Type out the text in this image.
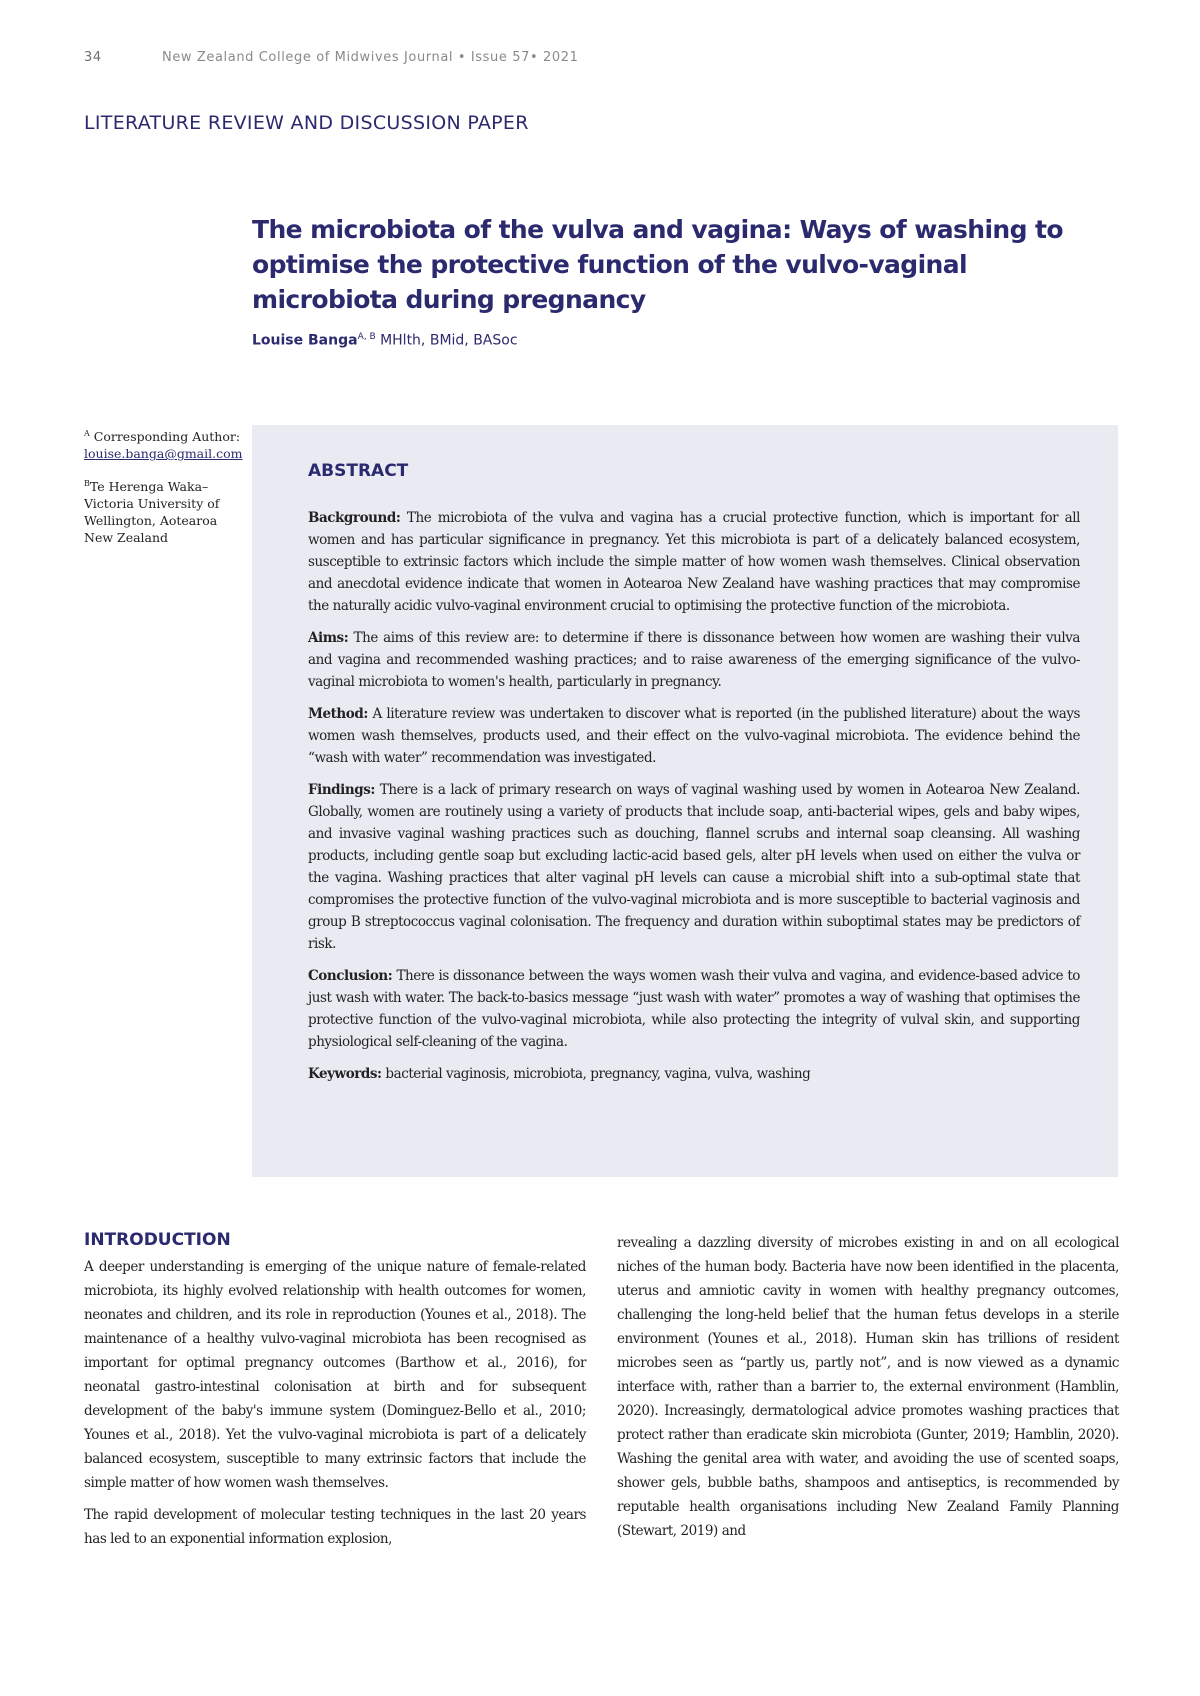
34	New Zealand College of Midwives Journal • Issue 57• 2021
LITERATURE REVIEW AND DISCUSSION PAPER
The microbiota of the vulva and vagina: Ways of washing to optimise the protective function of the vulvo-vaginal microbiota during pregnancy
Louise Banga$^{A, B}$ MHlth, BMid, BASoc

$^A$ Corresponding Author: louise.banga@gmail.com

$^B$Te Herenga Waka–Victoria University of Wellington, Aotearoa New Zealand

ABSTRACT

Background: The microbiota of the vulva and vagina has a crucial protective function, which is important for all women and has particular significance in pregnancy. Yet this microbiota is part of a delicately balanced ecosystem, susceptible to extrinsic factors which include the simple matter of how women wash themselves. Clinical observation and anecdotal evidence indicate that women in Aotearoa New Zealand have washing practices that may compromise the naturally acidic vulvo-vaginal environment crucial to optimising the protective function of the microbiota.

Aims: The aims of this review are: to determine if there is dissonance between how women are washing their vulva and vagina and recommended washing practices; and to raise awareness of the emerging significance of the vulvo-vaginal microbiota to women's health, particularly in pregnancy.

Method: A literature review was undertaken to discover what is reported (in the published literature) about the ways women wash themselves, products used, and their effect on the vulvo-vaginal microbiota. The evidence behind the “wash with water” recommendation was investigated.

Findings: There is a lack of primary research on ways of vaginal washing used by women in Aotearoa New Zealand. Globally, women are routinely using a variety of products that include soap, anti-bacterial wipes, gels and baby wipes, and invasive vaginal washing practices such as douching, flannel scrubs and internal soap cleansing. All washing products, including gentle soap but excluding lactic-acid based gels, alter pH levels when used on either the vulva or the vagina. Washing practices that alter vaginal pH levels can cause a microbial shift into a sub-optimal state that compromises the protective function of the vulvo-vaginal microbiota and is more susceptible to bacterial vaginosis and group B streptococcus vaginal colonisation. The frequency and duration within suboptimal states may be predictors of risk.

Conclusion: There is dissonance between the ways women wash their vulva and vagina, and evidence-based advice to just wash with water. The back-to-basics message “just wash with water” promotes a way of washing that optimises the protective function of the vulvo-vaginal microbiota, while also protecting the integrity of vulval skin, and supporting physiological self-cleaning of the vagina.

Keywords: bacterial vaginosis, microbiota, pregnancy, vagina, vulva, washing

INTRODUCTION

A deeper understanding is emerging of the unique nature of female-related microbiota, its highly evolved relationship with health outcomes for women, neonates and children, and its role in reproduction (Younes et al., 2018). The maintenance of a healthy vulvo-vaginal microbiota has been recognised as important for optimal pregnancy outcomes (Barthow et al., 2016), for neonatal gastro-intestinal colonisation at birth and for subsequent development of the baby's immune system (Dominguez-Bello et al., 2010; Younes et al., 2018). Yet the vulvo-vaginal microbiota is part of a delicately balanced ecosystem, susceptible to many extrinsic factors that include the simple matter of how women wash themselves.

The rapid development of molecular testing techniques in the last 20 years has led to an exponential information explosion,

revealing a dazzling diversity of microbes existing in and on all ecological niches of the human body. Bacteria have now been identified in the placenta, uterus and amniotic cavity in women with healthy pregnancy outcomes, challenging the long-held belief that the human fetus develops in a sterile environment (Younes et al., 2018). Human skin has trillions of resident microbes seen as “partly us, partly not”, and is now viewed as a dynamic interface with, rather than a barrier to, the external environment (Hamblin, 2020). Increasingly, dermatological advice promotes washing practices that protect rather than eradicate skin microbiota (Gunter, 2019; Hamblin, 2020). Washing the genital area with water, and avoiding the use of scented soaps, shower gels, bubble baths, shampoos and antiseptics, is recommended by reputable health organisations including New Zealand Family Planning (Stewart, 2019) and
